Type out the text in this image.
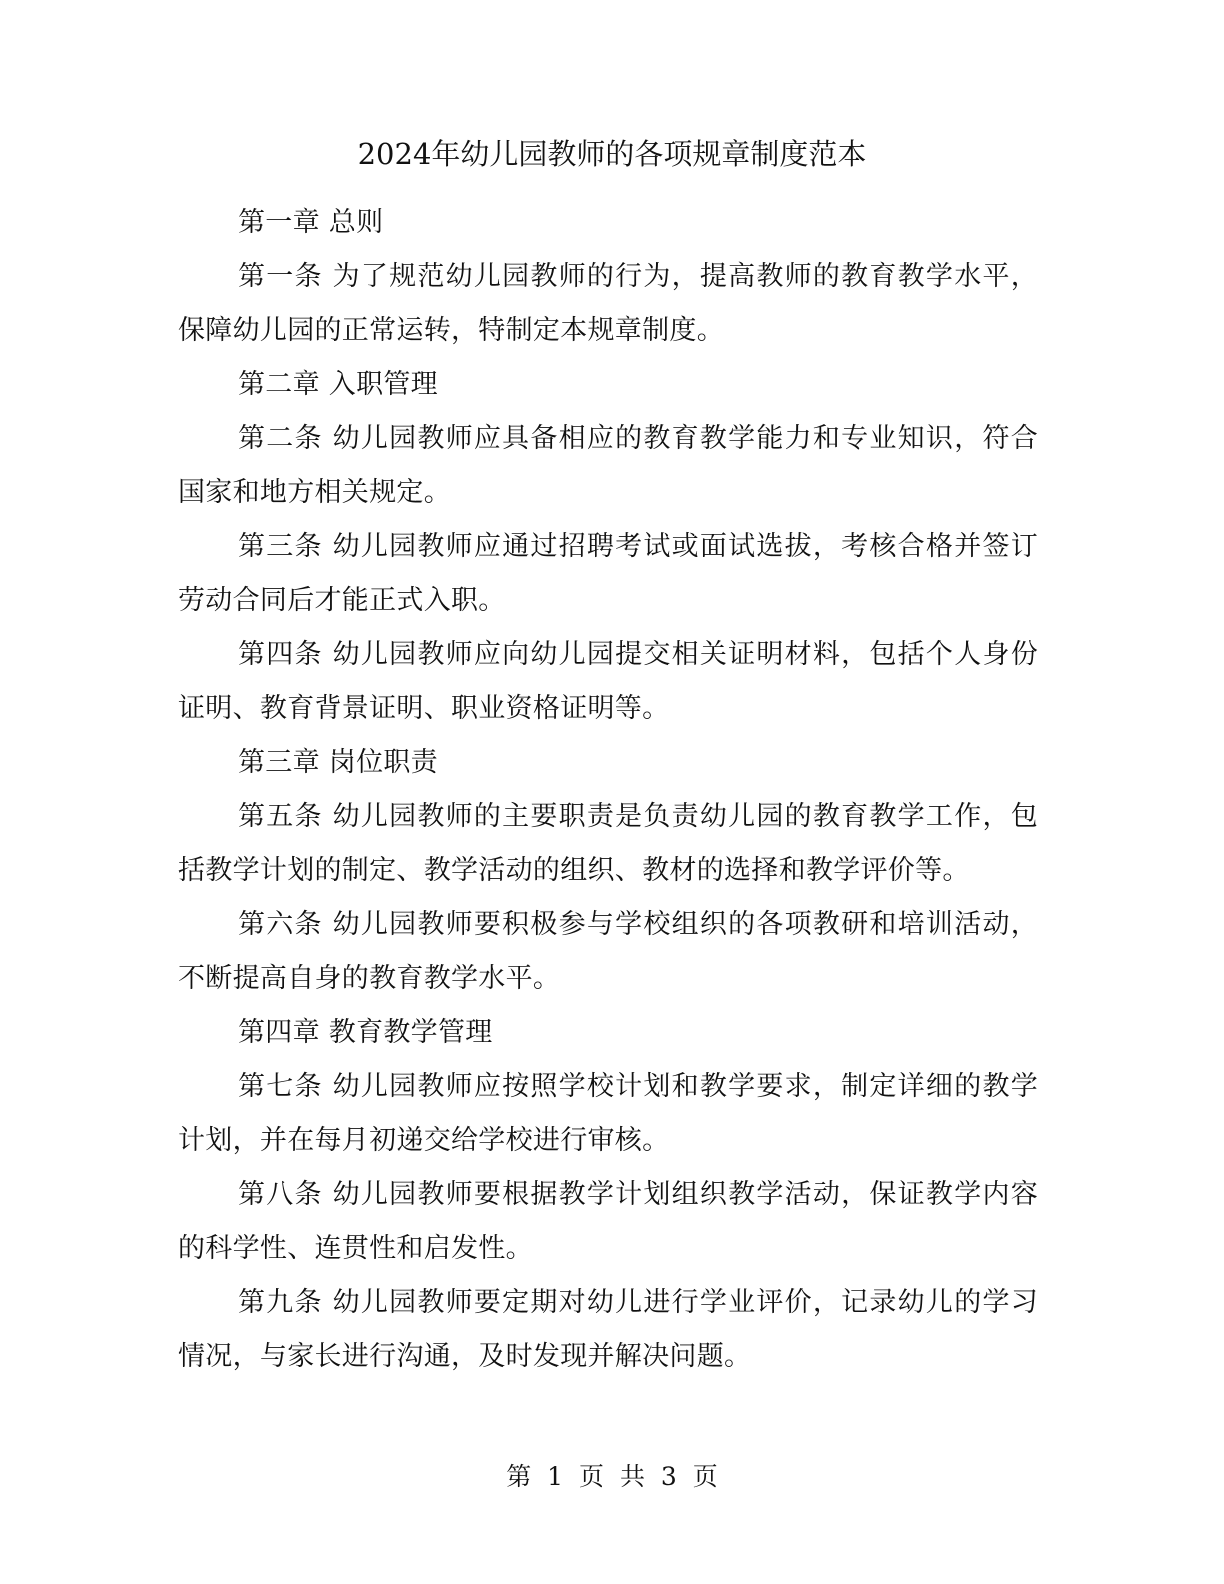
2024年幼儿园教师的各项规章制度范本

第一章 总则

第一条 为了规范幼儿园教师的行为，提高教师的教育教学水平，保障幼儿园的正常运转，特制定本规章制度。

第二章 入职管理

第二条 幼儿园教师应具备相应的教育教学能力和专业知识，符合国家和地方相关规定。

第三条 幼儿园教师应通过招聘考试或面试选拔，考核合格并签订劳动合同后才能正式入职。

第四条 幼儿园教师应向幼儿园提交相关证明材料，包括个人身份证明、教育背景证明、职业资格证明等。

第三章 岗位职责

第五条 幼儿园教师的主要职责是负责幼儿园的教育教学工作，包括教学计划的制定、教学活动的组织、教材的选择和教学评价等。

第六条 幼儿园教师要积极参与学校组织的各项教研和培训活动，不断提高自身的教育教学水平。

第四章 教育教学管理

第七条 幼儿园教师应按照学校计划和教学要求，制定详细的教学计划，并在每月初递交给学校进行审核。

第八条 幼儿园教师要根据教学计划组织教学活动，保证教学内容的科学性、连贯性和启发性。

第九条 幼儿园教师要定期对幼儿进行学业评价，记录幼儿的学习情况，与家长进行沟通，及时发现并解决问题。

第 1 页 共 3 页
